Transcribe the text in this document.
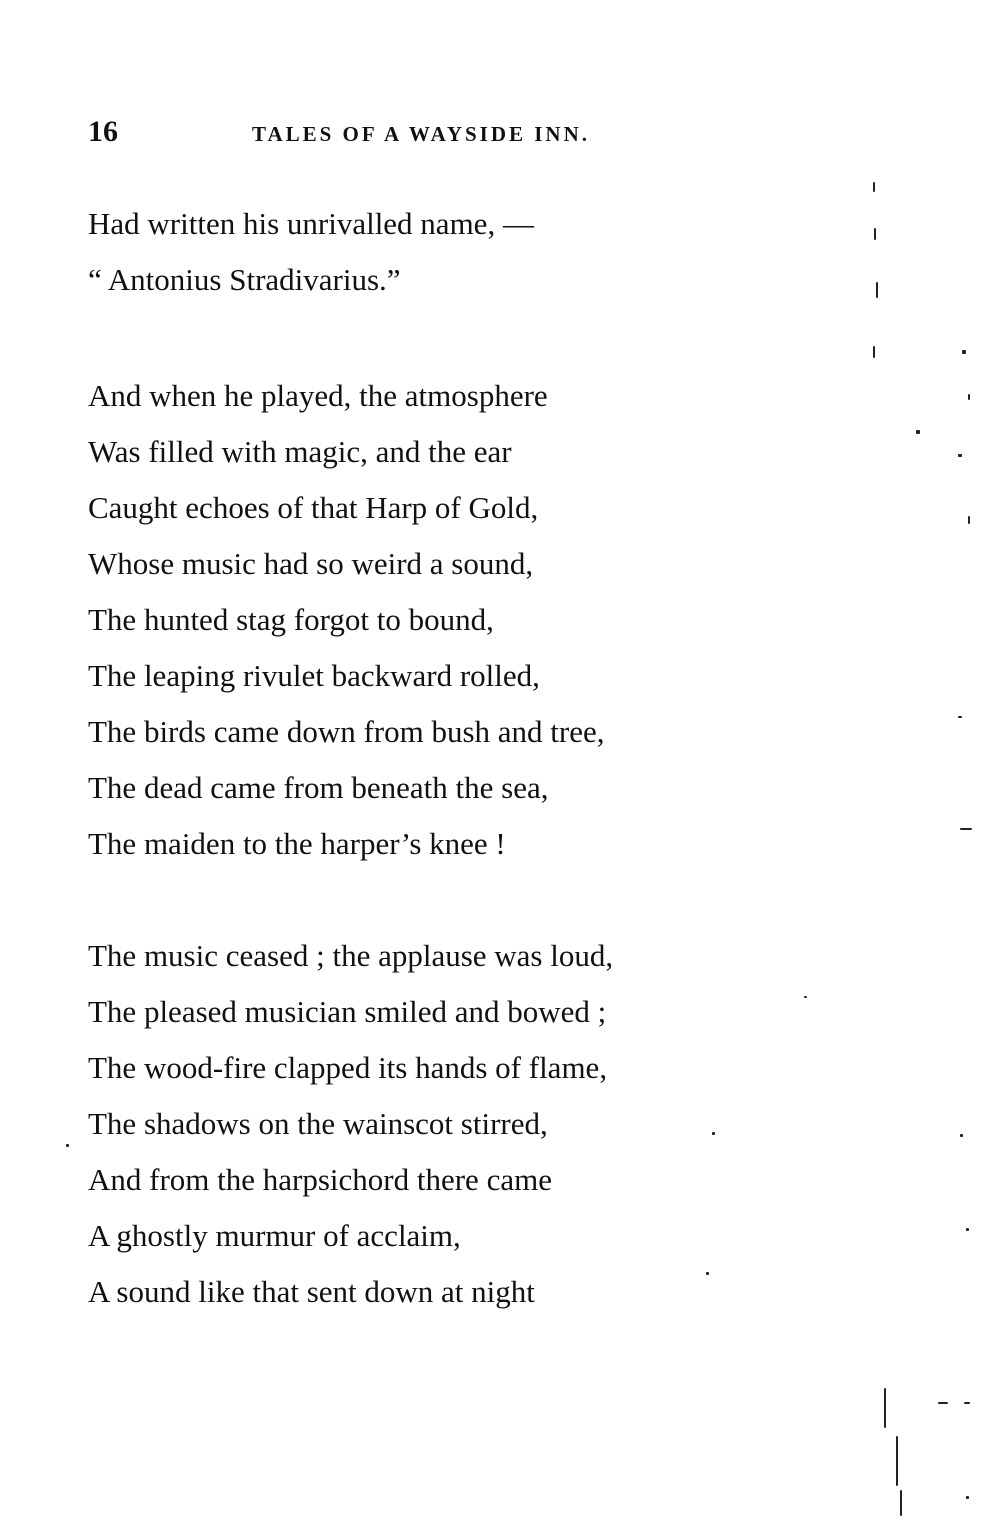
16	TALES OF A WAYSIDE INN.
Had written his unrivalled name, —
“ Antonius Stradivarius.”
And when he played, the atmosphere
Was filled with magic, and the ear
Caught echoes of that Harp of Gold,
Whose music had so weird a sound,
The hunted stag forgot to bound,
The leaping rivulet backward rolled,
The birds came down from bush and tree,
The dead came from beneath the sea,
The maiden to the harper’s knee !
The music ceased ; the applause was loud,
The pleased musician smiled and bowed ;
The wood-fire clapped its hands of flame,
The shadows on the wainscot stirred,
And from the harpsichord there came
A ghostly murmur of acclaim,
A sound like that sent down at night
